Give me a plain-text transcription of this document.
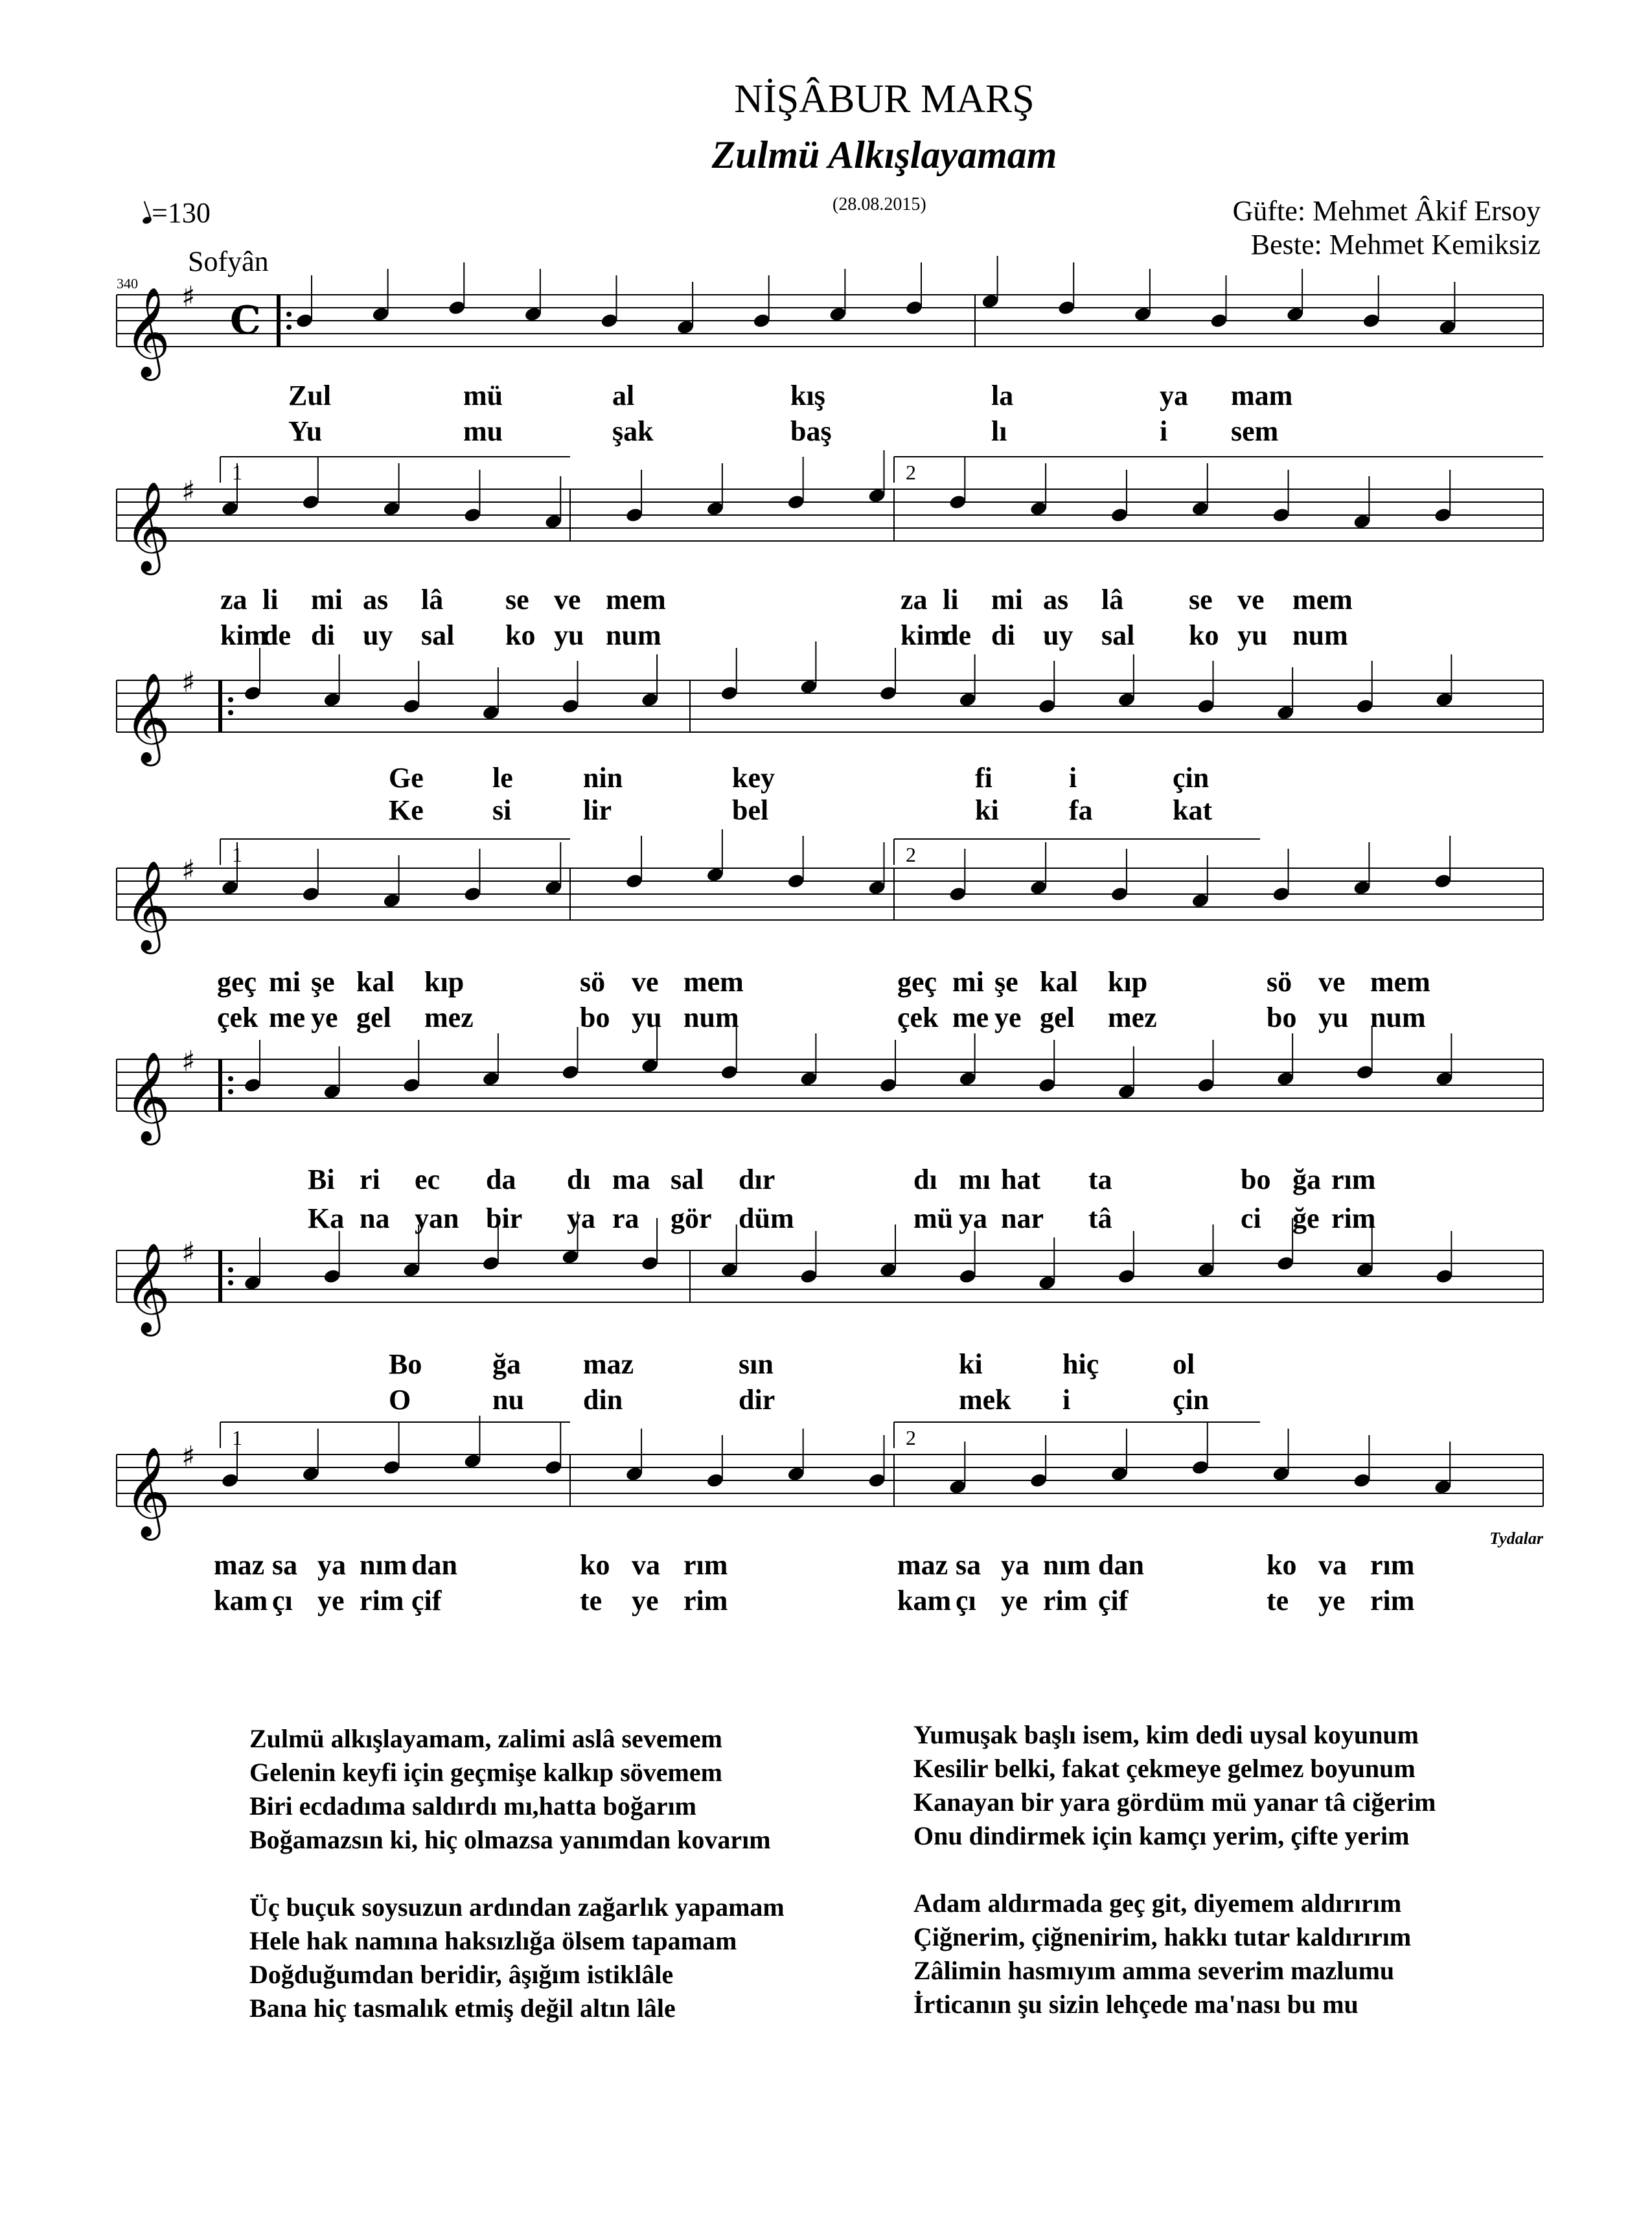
NİŞÂBUR MARŞ
Zulmü Alkışlayamam
(28.08.2015)	Güfte: Mehmet Âkif Ersoy
Beste: Mehmet Kemiksiz
=130
Sofyân
340
Tydalar
𝄞 ♯
C
𝄞 ♯
𝄞 ♯
𝄞 ♯
𝄞 ♯
𝄞 ♯
𝄞 ♯
1	2
1	2
1	2
Zul	mü	al	kış	la	ya mam
Yu	mu	şak	baş	lı	i sem
za li mi as lâ se ve mem	za li mi as lâ se ve mem
kim
de di uy sal ko yu num	kim
de di uy sal ko yu num
Ge le nin	key	fi	i	çin
Ke si	lir	bel	ki fa	kat
geç mi şe kal kıp	sö ve mem	geç mi şe kal kıp	sö ve mem
çek me ye gel mez	bo yu num	çek me ye gel mez	bo yu num
Bi ri ec da dı ma sal dır	dı mı hat ta	bo ğa rım
Ka na yan bir ya ra gör düm	mü ya nar tâ	ci ğe rim
Bo ğa maz	sın	ki	hiç	ol
O	nu din	dir	mek i	çin
maz sa ya nım dan	ko va rım	maz sa ya nım dan	ko va rım
kam çı ye rim çif	te ye rim	kam çı ye rim çif	te ye rim
Zulmü alkışlayamam, zalimi aslâ sevemem
Gelenin keyfi için geçmişe kalkıp sövemem
Biri ecdadıma saldırdı mı,hatta boğarım
Boğamazsın ki, hiç olmazsa yanımdan kovarım
Üç buçuk soysuzun ardından zağarlık yapamam
Hele hak namına haksızlığa ölsem tapamam
Doğduğumdan beridir, âşığım istiklâle
Bana hiç tasmalık etmiş değil altın lâle
Yumuşak başlı isem, kim dedi uysal koyunum
Kesilir belki, fakat çekmeye gelmez boyunum
Kanayan bir yara gördüm mü yanar tâ ciğerim
Onu dindirmek için kamçı yerim, çifte yerim
Adam aldırmada geç git, diyemem aldırırım
Çiğnerim, çiğnenirim, hakkı tutar kaldırırım
Zâlimin hasmıyım amma severim mazlumu
İrticanın şu sizin lehçede ma'nası bu mu
